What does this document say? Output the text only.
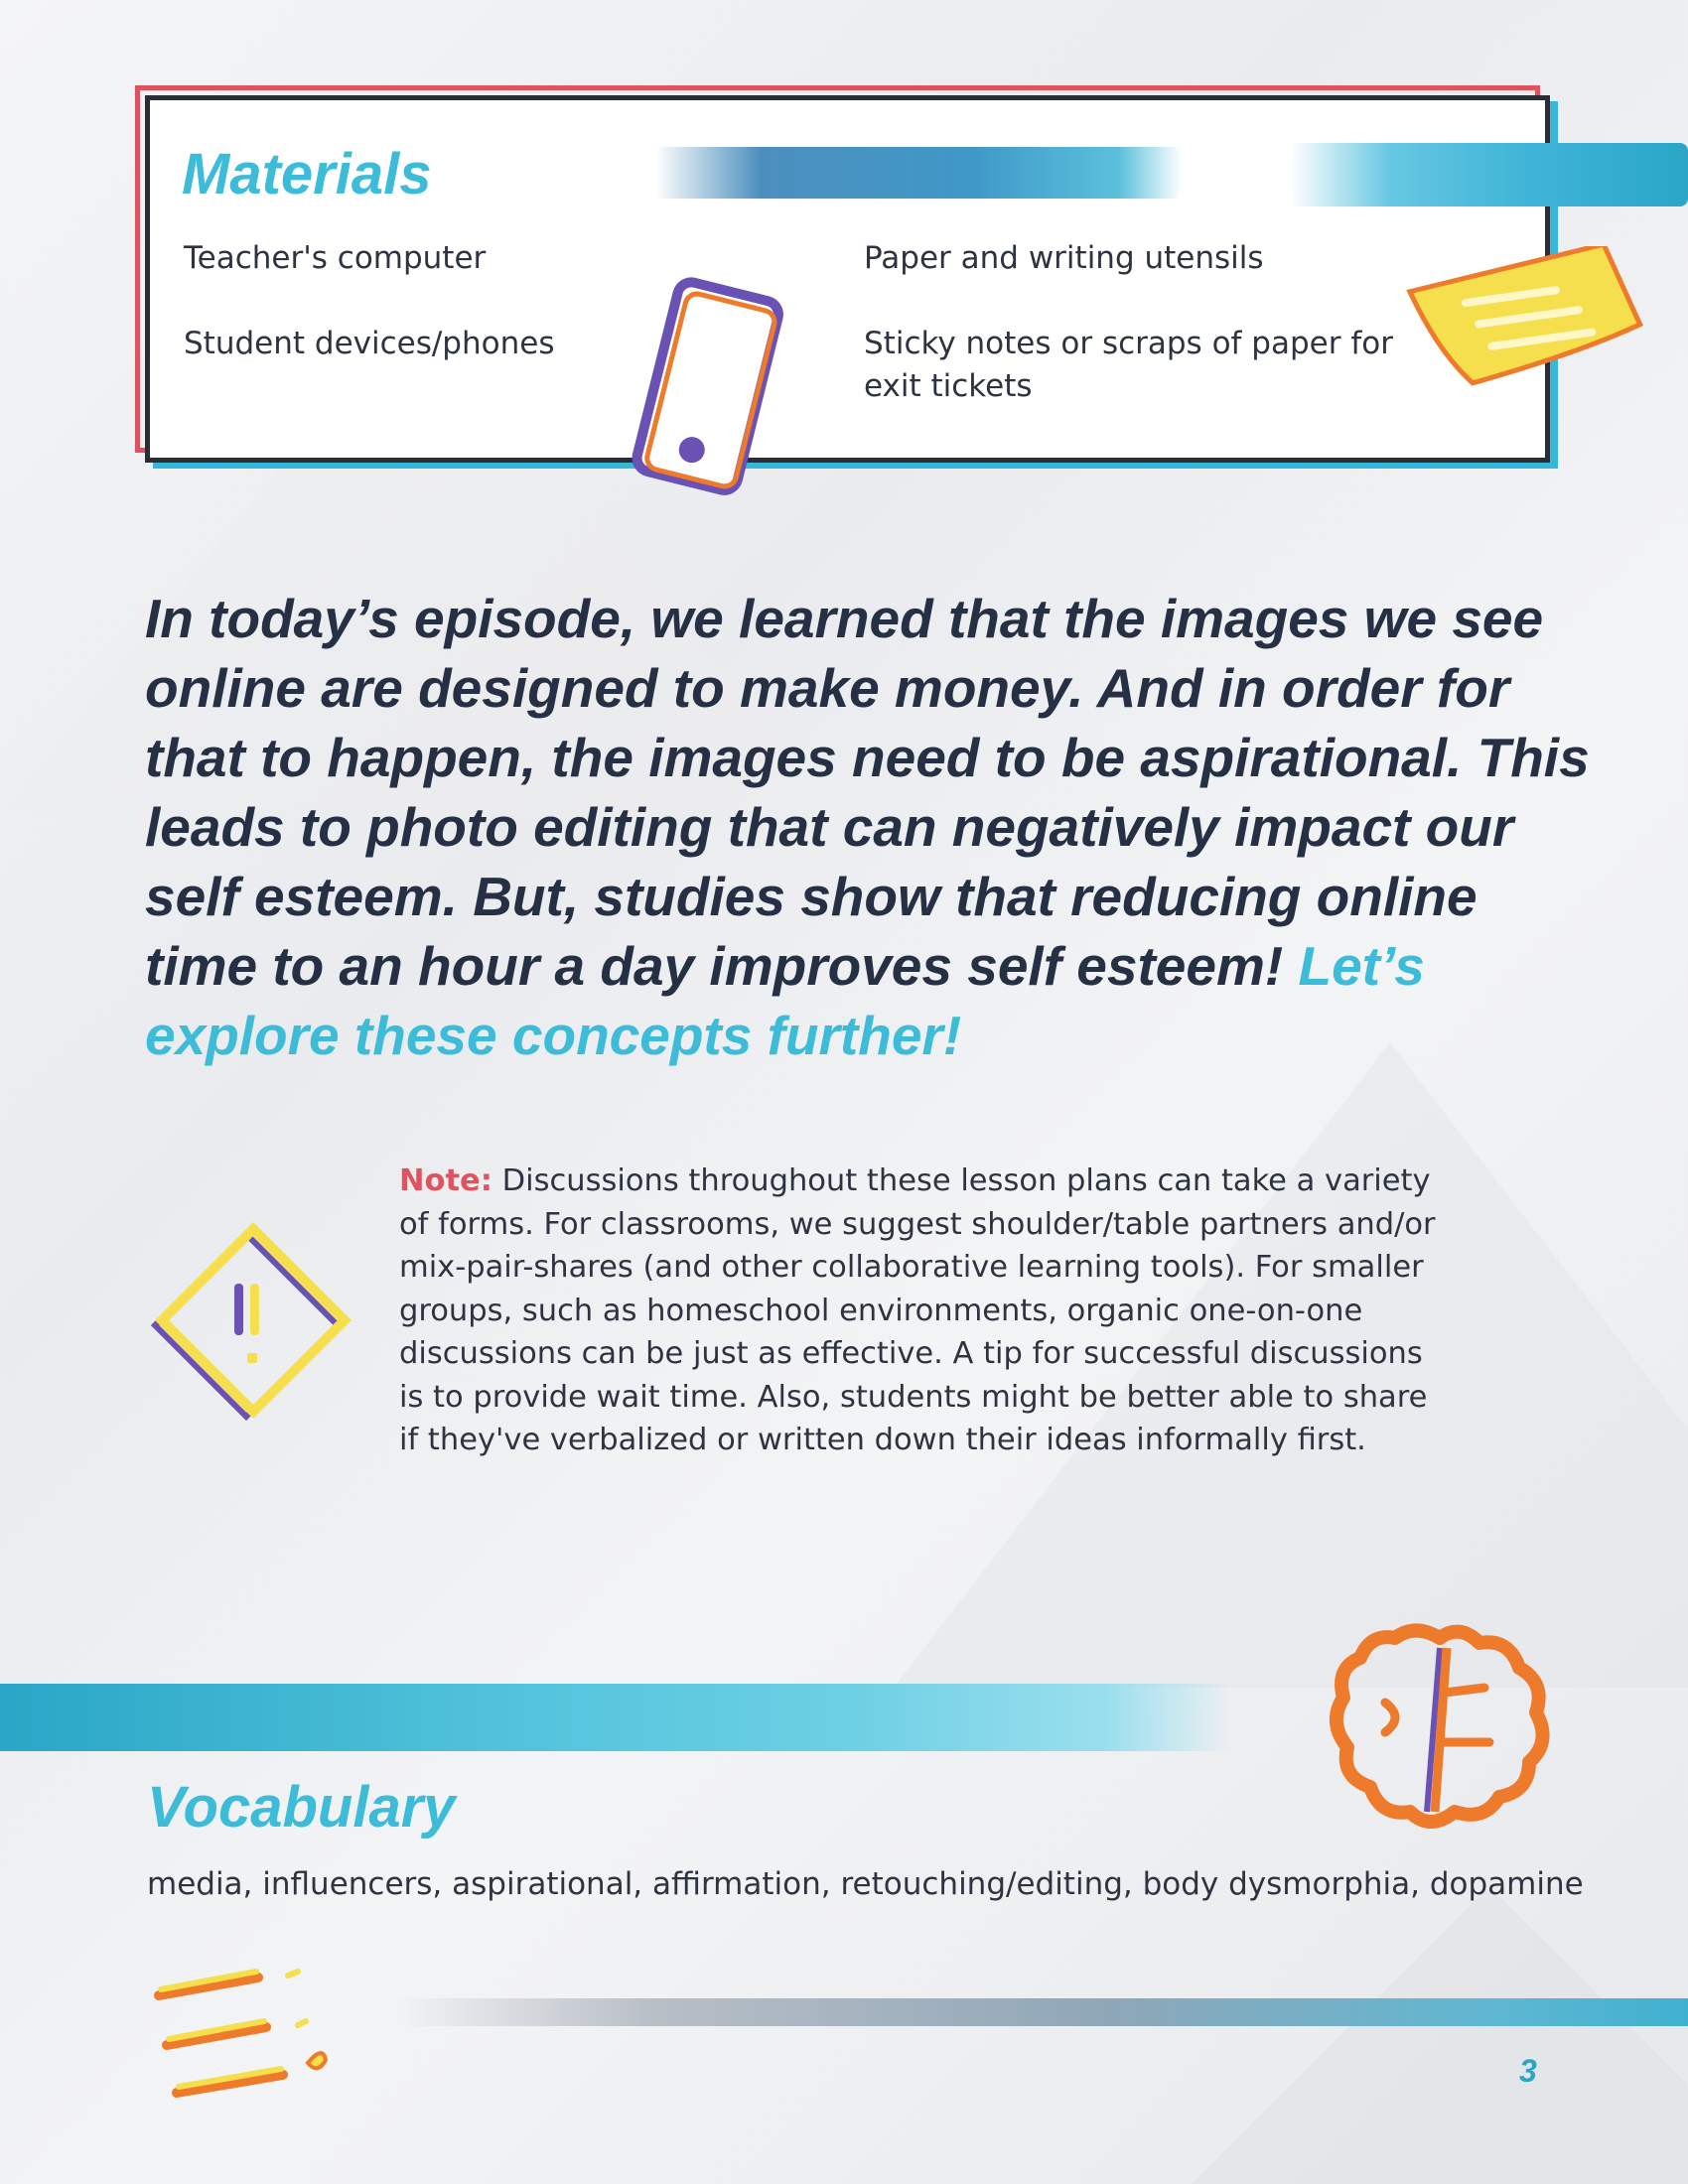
Materials
Teacher's computer
Student devices/phones
Paper and writing utensils
Sticky notes or scraps of paper for
exit tickets
In today’s episode, we learned that the images we see online are designed to make money. And in order for that to happen, the images need to be aspirational. This leads to photo editing that can negatively impact our self esteem. But, studies show that reducing online time to an hour a day improves self esteem! Let’s explore these concepts further!
Note: Discussions throughout these lesson plans can take a variety of forms. For classrooms, we suggest shoulder/table partners and/or mix-pair-shares (and other collaborative learning tools). For smaller groups, such as homeschool environments, organic one-on-one discussions can be just as effective. A tip for successful discussions is to provide wait time. Also, students might be better able to share if they've verbalized or written down their ideas informally first.
Vocabulary
media, influencers, aspirational, affirmation, retouching/editing, body dysmorphia, dopamine
3
